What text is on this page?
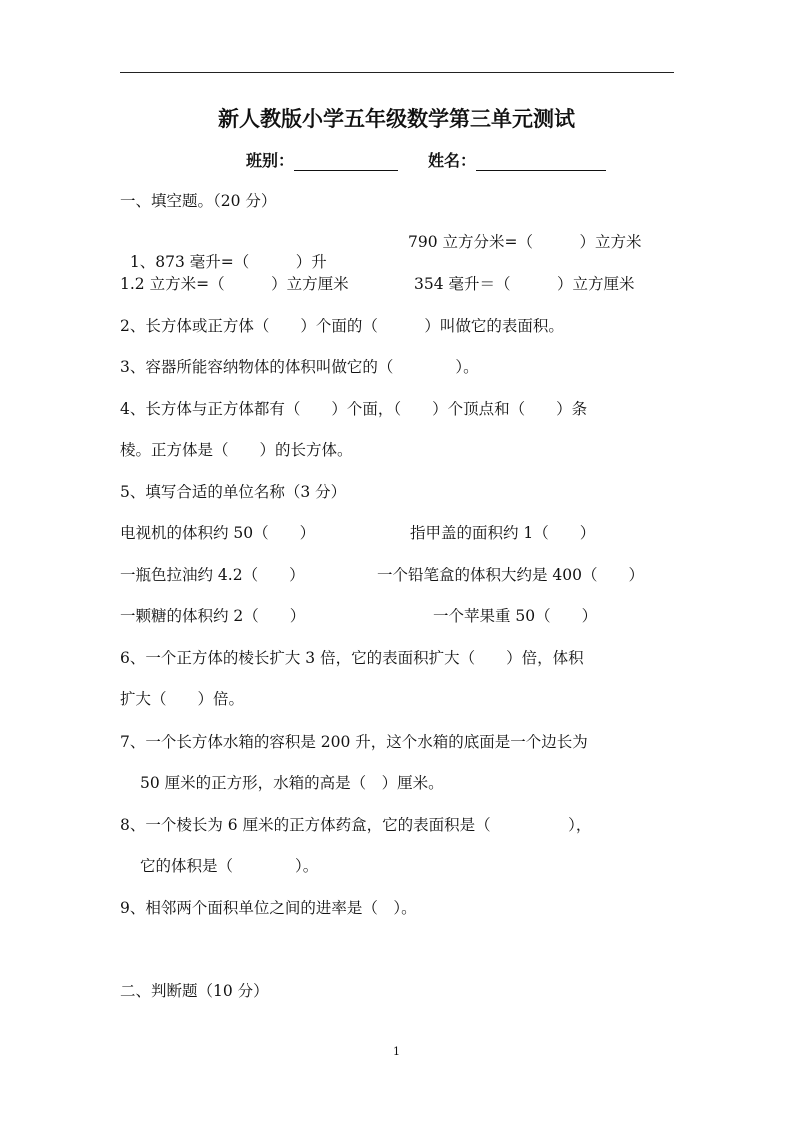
新人教版小学五年级数学第三单元测试
班别：	姓名：
一、填空题。（20 分）

1、873 毫升=（　　　）升

790 立方分米=（　　　）立方米
1.2 立方米=（　　　）立方厘米	354 毫升＝（　　　）立方厘米
2、长方体或正方体（　　）个面的（　　　）叫做它的表面积。
3、容器所能容纳物体的体积叫做它的（　　　　）。
4、长方体与正方体都有（　　）个面，（　　）个顶点和（　　）条
棱。正方体是（　　）的长方体。
5、填写合适的单位名称（3 分）
电视机的体积约 50（　　）	指甲盖的面积约 1（　　）
一瓶色拉油约 4.2（　　）	一个铅笔盒的体积大约是 400（　　）
一颗糖的体积约 2（　　）	一个苹果重 50（　　）
6、一个正方体的棱长扩大 3 倍，它的表面积扩大（　　）倍，体积
扩大（　　）倍。
7、一个长方体水箱的容积是 200 升，这个水箱的底面是一个边长为
50 厘米的正方形，水箱的高是（　）厘米。
8、一个棱长为 6 厘米的正方体药盒，它的表面积是（　　　　　），
它的体积是（　　　　）。
9、相邻两个面积单位之间的进率是（　）。
二、判断题（10 分）
1
